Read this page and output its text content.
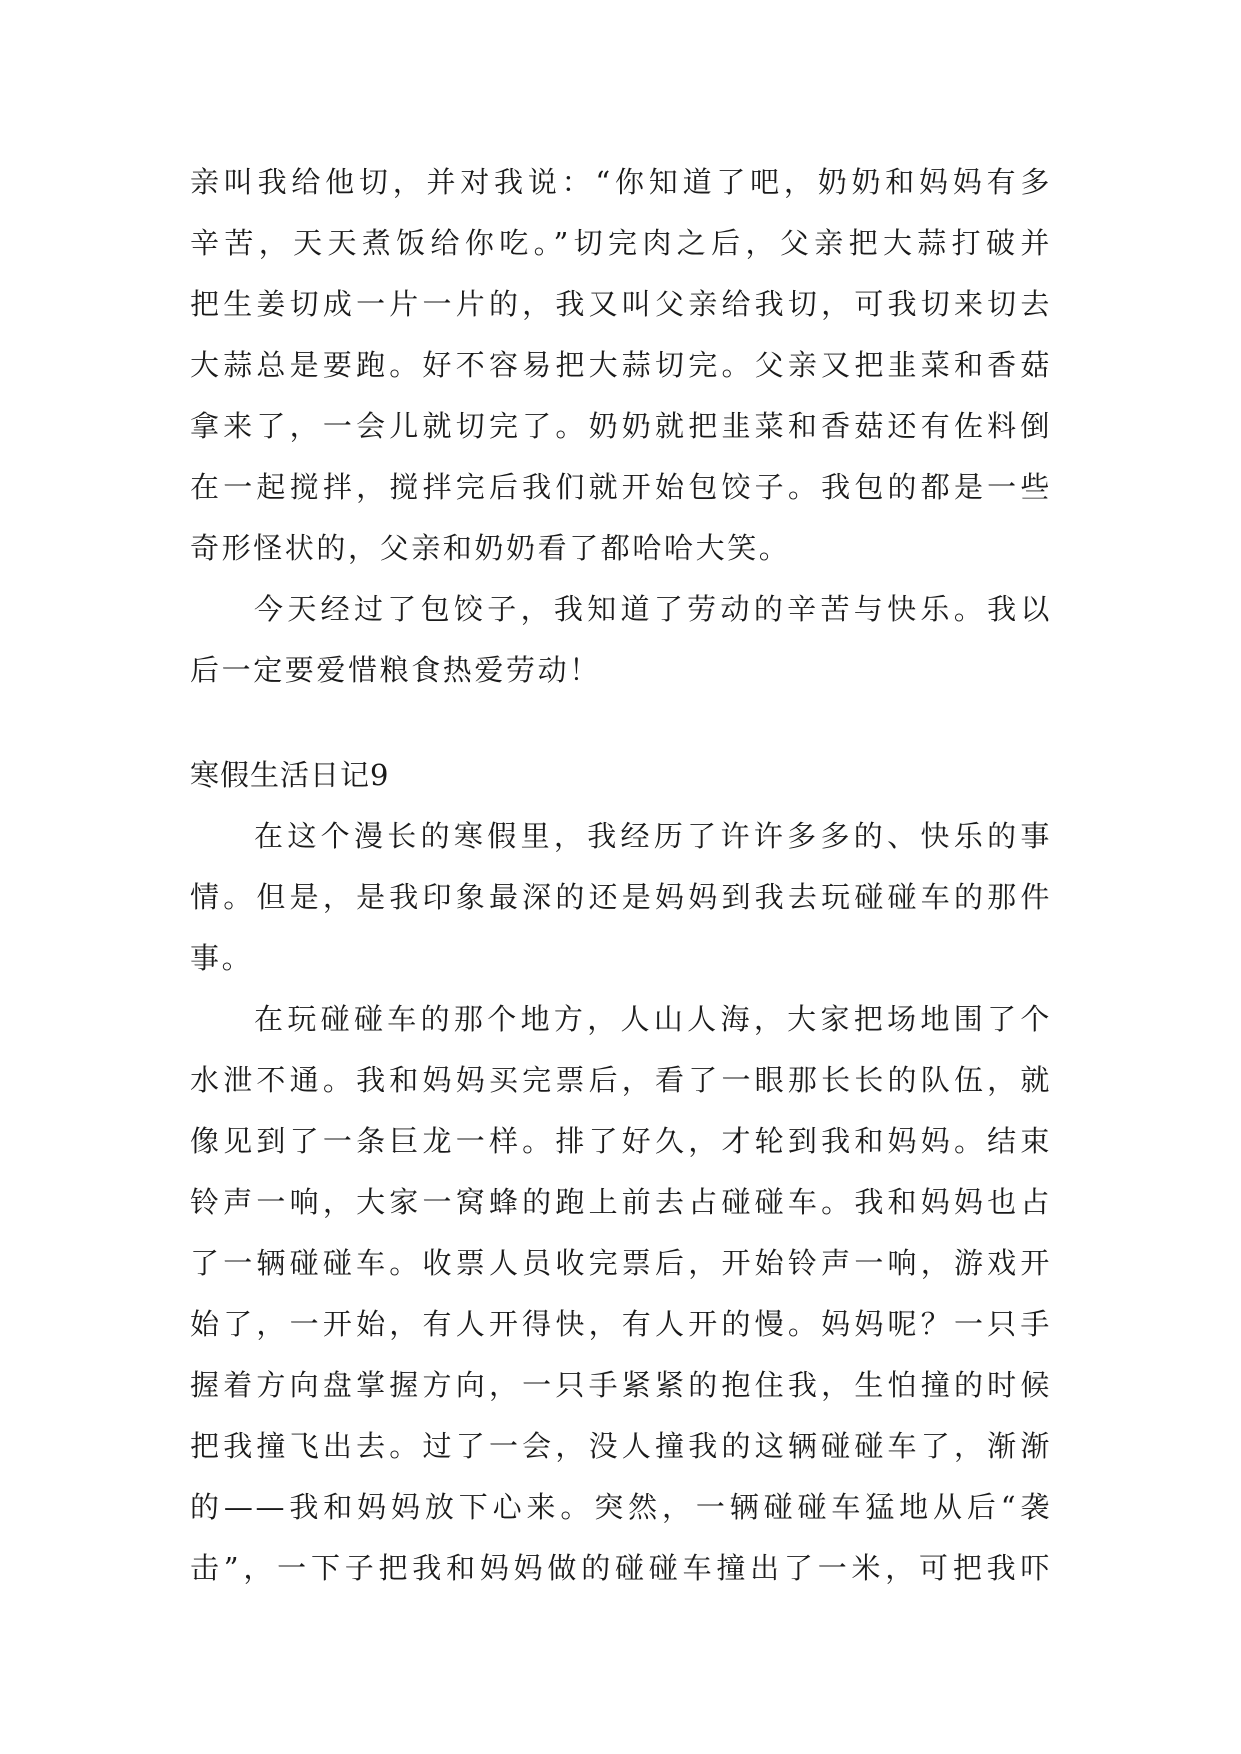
亲叫我给他切，并对我说：“你知道了吧，奶奶和妈妈有多
辛苦，天天煮饭给你吃。”切完肉之后，父亲把大蒜打破并
把生姜切成一片一片的，我又叫父亲给我切，可我切来切去
大蒜总是要跑。好不容易把大蒜切完。父亲又把韭菜和香菇
拿来了，一会儿就切完了。奶奶就把韭菜和香菇还有佐料倒
在一起搅拌，搅拌完后我们就开始包饺子。我包的都是一些
奇形怪状的，父亲和奶奶看了都哈哈大笑。
今天经过了包饺子，我知道了劳动的辛苦与快乐。我以
后一定要爱惜粮食热爱劳动！
寒假生活日记9
在这个漫长的寒假里，我经历了许许多多的、快乐的事
情。但是，是我印象最深的还是妈妈到我去玩碰碰车的那件
事。
在玩碰碰车的那个地方，人山人海，大家把场地围了个
水泄不通。我和妈妈买完票后，看了一眼那长长的队伍，就
像见到了一条巨龙一样。排了好久，才轮到我和妈妈。结束
铃声一响，大家一窝蜂的跑上前去占碰碰车。我和妈妈也占
了一辆碰碰车。收票人员收完票后，开始铃声一响，游戏开
始了，一开始，有人开得快，有人开的慢。妈妈呢？一只手
握着方向盘掌握方向，一只手紧紧的抱住我，生怕撞的时候
把我撞飞出去。过了一会，没人撞我的这辆碰碰车了，渐渐
的——我和妈妈放下心来。突然，一辆碰碰车猛地从后“袭
击”，一下子把我和妈妈做的碰碰车撞出了一米，可把我吓
